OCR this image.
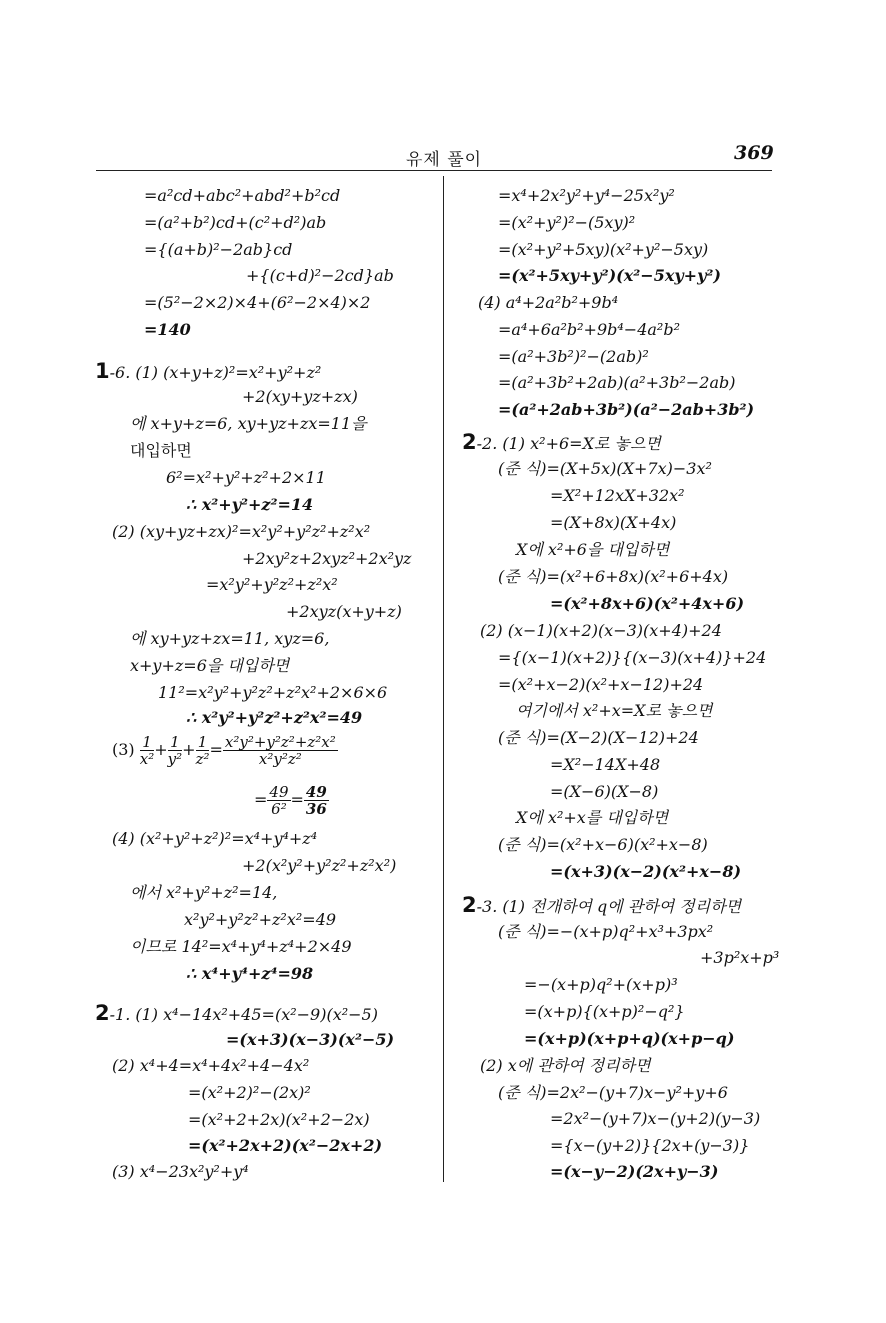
유제 풀이	369
=a²cd+abc²+abd²+b²cd
=(a²+b²)cd+(c²+d²)ab
={(a+b)²−2ab}cd
+{(c+d)²−2cd}ab
=(5²−2×2)×4+(6²−2×4)×2
=140
1-6. (1) (x+y+z)²=x²+y²+z²
+2(xy+yz+zx)
에 x+y+z=6, xy+yz+zx=11을
대입하면
6²=x²+y²+z²+2×11
∴ x²+y²+z²=14
(2) (xy+yz+zx)²=x²y²+y²z²+z²x²
+2xy²z+2xyz²+2x²yz
=x²y²+y²z²+z²x²
+2xyz(x+y+z)
에 xy+yz+zx=11, xyz=6,
x+y+z=6을 대입하면
11²=x²y²+y²z²+z²x²+2×6×6
∴ x²y²+y²z²+z²x²=49
$(3) \frac{1}{\text{x²}} + \frac{1}{\text{y²}} + \frac{1}{\text{z²}} = \frac{\text{x²y²+y²z²+z²x²}}{\text{x²y²z²}}$
= $\frac{49}{\text{6²}} = \frac{49}{36}$
(4) (x²+y²+z²)²=x⁴+y⁴+z⁴
+2(x²y²+y²z²+z²x²)
에서 x²+y²+z²=14,
x²y²+y²z²+z²x²=49
이므로 14²=x⁴+y⁴+z⁴+2×49
∴ x⁴+y⁴+z⁴=98
2-1. (1) x⁴−14x²+45=(x²−9)(x²−5)
=(x+3)(x−3)(x²−5)
(2) x⁴+4=x⁴+4x²+4−4x²
=(x²+2)²−(2x)²
=(x²+2+2x)(x²+2−2x)
=(x²+2x+2)(x²−2x+2)
(3) x⁴−23x²y²+y⁴
=x⁴+2x²y²+y⁴−25x²y²
=(x²+y²)²−(5xy)²
=(x²+y²+5xy)(x²+y²−5xy)
=(x²+5xy+y²)(x²−5xy+y²)
(4) a⁴+2a²b²+9b⁴
=a⁴+6a²b²+9b⁴−4a²b²
=(a²+3b²)²−(2ab)²
=(a²+3b²+2ab)(a²+3b²−2ab)
=(a²+2ab+3b²)(a²−2ab+3b²)
2-2. (1) x²+6=X로 놓으면
(준 식)=(X+5x)(X+7x)−3x²
=X²+12xX+32x²
=(X+8x)(X+4x)
X에 x²+6을 대입하면
(준 식)=(x²+6+8x)(x²+6+4x)
=(x²+8x+6)(x²+4x+6)
(2) (x−1)(x+2)(x−3)(x+4)+24
={(x−1)(x+2)}{(x−3)(x+4)}+24
=(x²+x−2)(x²+x−12)+24
여기에서 x²+x=X로 놓으면
(준 식)=(X−2)(X−12)+24
=X²−14X+48
=(X−6)(X−8)
X에 x²+x를 대입하면
(준 식)=(x²+x−6)(x²+x−8)
=(x+3)(x−2)(x²+x−8)
2-3. (1) 전개하여 q에 관하여 정리하면
(준 식)=−(x+p)q²+x³+3px²
+3p²x+p³
=−(x+p)q²+(x+p)³
=(x+p){(x+p)²−q²}
=(x+p)(x+p+q)(x+p−q)
(2) x에 관하여 정리하면
(준 식)=2x²−(y+7)x−y²+y+6
=2x²−(y+7)x−(y+2)(y−3)
={x−(y+2)}{2x+(y−3)}
=(x−y−2)(2x+y−3)
